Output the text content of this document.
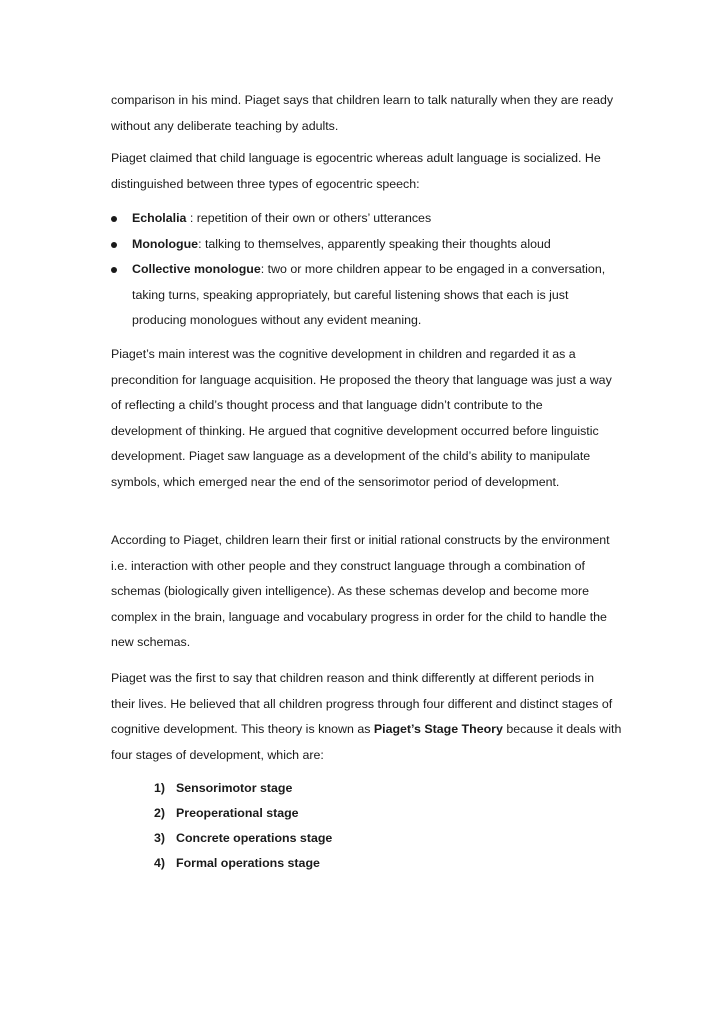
comparison in his mind. Piaget says that children learn to talk naturally when they are ready
without any deliberate teaching by adults.
Piaget claimed that child language is egocentric whereas adult language is socialized. He
distinguished between three types of egocentric speech:
Echolalia : repetition of their own or others’ utterances
Monologue: talking to themselves, apparently speaking their thoughts aloud
Collective monologue: two or more children appear to be engaged in a conversation,
taking turns, speaking appropriately, but careful listening shows that each is just
producing monologues without any evident meaning.
Piaget’s main interest was the cognitive development in children and regarded it as a
precondition for language acquisition. He proposed the theory that language was just a way
of reflecting a child’s thought process and that language didn’t contribute to the
development of thinking. He argued that cognitive development occurred before linguistic
development. Piaget saw language as a development of the child’s ability to manipulate
symbols, which emerged near the end of the sensorimotor period of development.
According to Piaget, children learn their first or initial rational constructs by the environment
i.e. interaction with other people and they construct language through a combination of
schemas (biologically given intelligence). As these schemas develop and become more
complex in the brain, language and vocabulary progress in order for the child to handle the
new schemas.
Piaget was the first to say that children reason and think differently at different periods in
their lives. He believed that all children progress through four different and distinct stages of
cognitive development. This theory is known as Piaget’s Stage Theory because it deals with
four stages of development, which are:
1) Sensorimotor stage
2) Preoperational stage
3) Concrete operations stage
4) Formal operations stage
